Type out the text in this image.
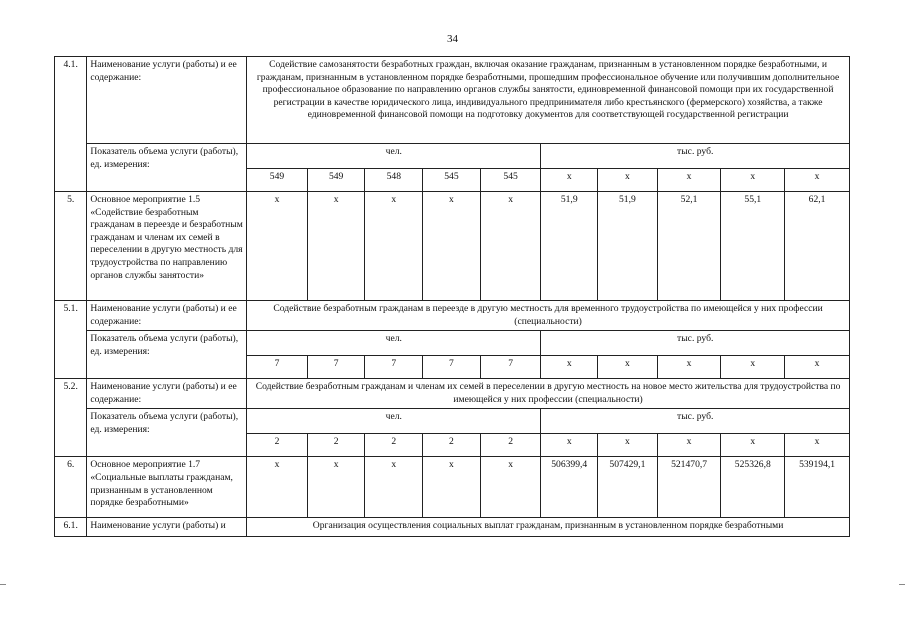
34
4.1.	Наименование услуги (работы) и ее содержание:	Содействие самозанятости безработных граждан, включая оказание гражданам, признанным в установленном порядке безработными, и гражданам, признанным в установленном порядке безработными, прошедшим профессиональное обучение или получившим дополнительное профессиональное образование по направлению органов службы занятости, единовременной финансовой помощи при их государственной регистрации в качестве юридического лица, индивидуального предпринимателя либо крестьянского (фермерского) хозяйства, а также единовременной финансовой помощи на подготовку документов для соответствующей государственной регистрации									
	Показатель объема услуги (работы), ед. измерения:	чел.					тыс. руб.				
		549	549	548	545	545	x	x	x	x	x
5.	Основное мероприятие 1.5 «Содействие безработным гражданам в переезде и безработным гражданам и членам их семей в переселении в другую местность для трудоустройства по направлению органов службы занятости»	x	x	x	x	x	51,9	51,9	52,1	55,1	62,1
5.1.	Наименование услуги (работы) и ее содержание:	Содействие безработным гражданам в переезде в другую местность для временного трудоустройства по имеющейся у них профессии (специальности)									
	Показатель объема услуги (работы), ед. измерения:	чел.					тыс. руб.				
		7	7	7	7	7	x	x	x	x	x
5.2.	Наименование услуги (работы) и ее содержание:	Содействие безработным гражданам и членам их семей в переселении в другую местность на новое место жительства для трудоустройства по имеющейся у них профессии (специальности)									
	Показатель объема услуги (работы), ед. измерения:	чел.					тыс. руб.				
		2	2	2	2	2	x	x	x	x	x
6.	Основное мероприятие 1.7 «Социальные выплаты гражданам, признанным в установленном порядке безработными»	x	x	x	x	x	506399,4	507429,1	521470,7	525326,8	539194,1
6.1.	Наименование услуги (работы) и	Организация осуществления социальных выплат гражданам, признанным в установленном порядке безработными									
